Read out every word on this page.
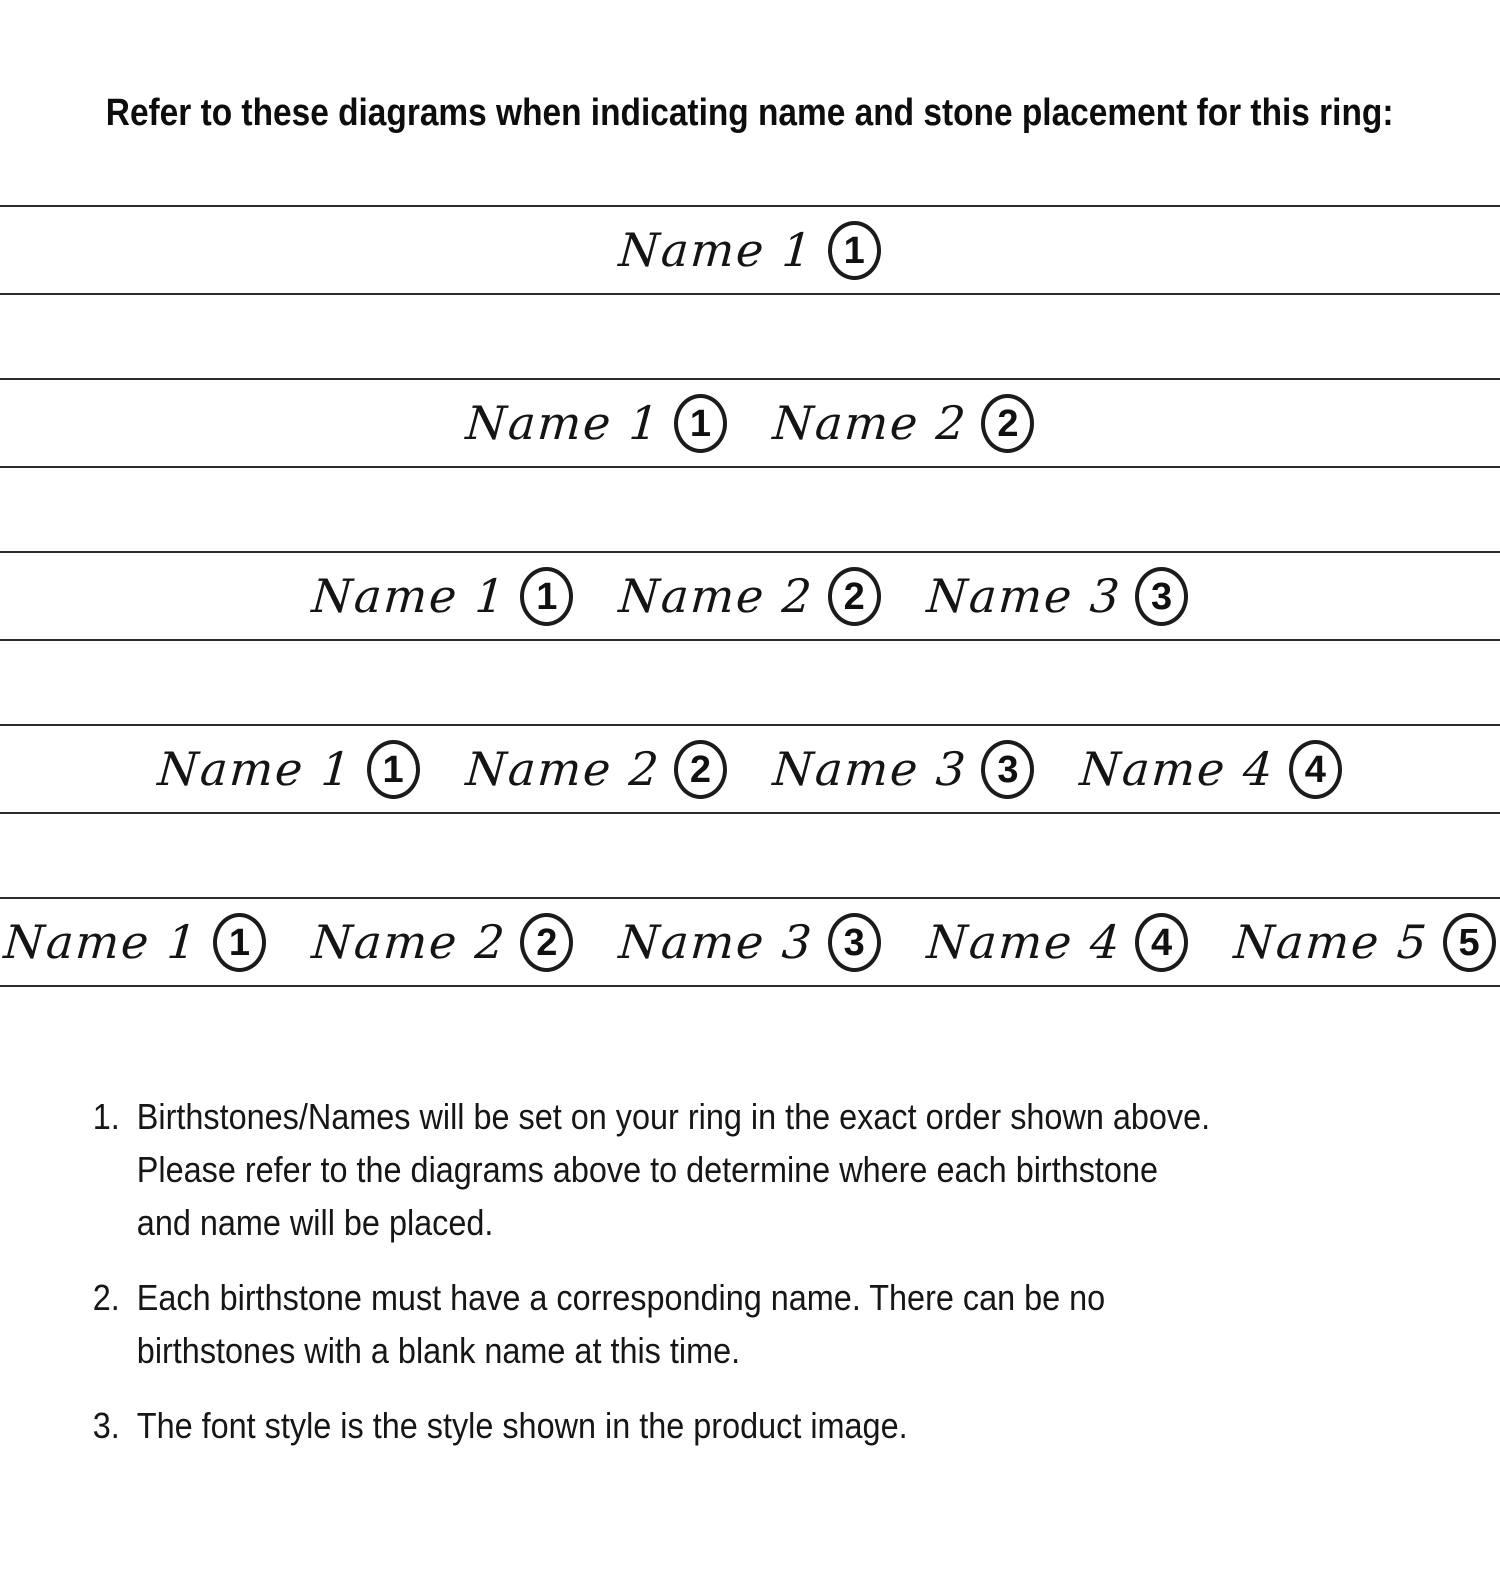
Refer to these diagrams when indicating name and stone placement for this ring:
Name 1 1
Name 1 1	Name 2 2
Name 1 1	Name 2 2	Name 3 3
Name 1 1	Name 2 2	Name 3 3	Name 4 4
Name 1 1	Name 2 2	Name 3 3	Name 4 4	Name 5 5
1. Birthstones/Names will be set on your ring in the exact order shown above.
Please refer to the diagrams above to determine where each birthstone
and name will be placed.
2. Each birthstone must have a corresponding name. There can be no
birthstones with a blank name at this time.
3. The font style is the style shown in the product image.
